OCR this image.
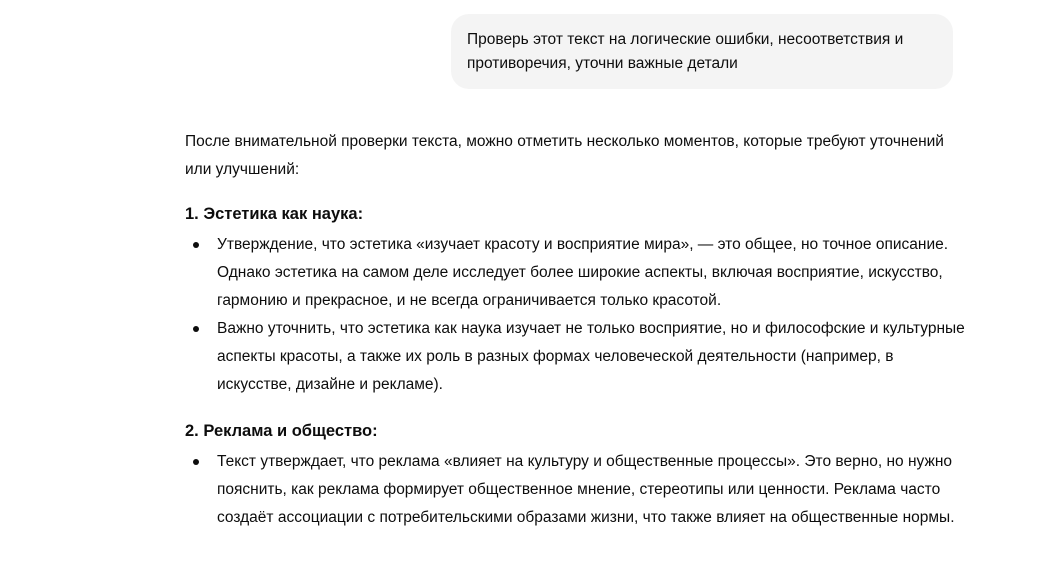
Проверь этот текст на логические ошибки, несоответствия и противоречия, уточни важные детали

После внимательной проверки текста, можно отметить несколько моментов, которые требуют уточнений или улучшений:

1. Эстетика как наука:

Утверждение, что эстетика «изучает красоту и восприятие мира», — это общее, но точное описание. Однако эстетика на самом деле исследует более широкие аспекты, включая восприятие, искусство, гармонию и прекрасное, и не всегда ограничивается только красотой.
Важно уточнить, что эстетика как наука изучает не только восприятие, но и философские и культурные аспекты красоты, а также их роль в разных формах человеческой деятельности (например, в искусстве, дизайне и рекламе).

2. Реклама и общество:

Текст утверждает, что реклама «влияет на культуру и общественные процессы». Это верно, но нужно пояснить, как реклама формирует общественное мнение, стереотипы или ценности. Реклама часто создаёт ассоциации с потребительскими образами жизни, что также влияет на общественные нормы.
